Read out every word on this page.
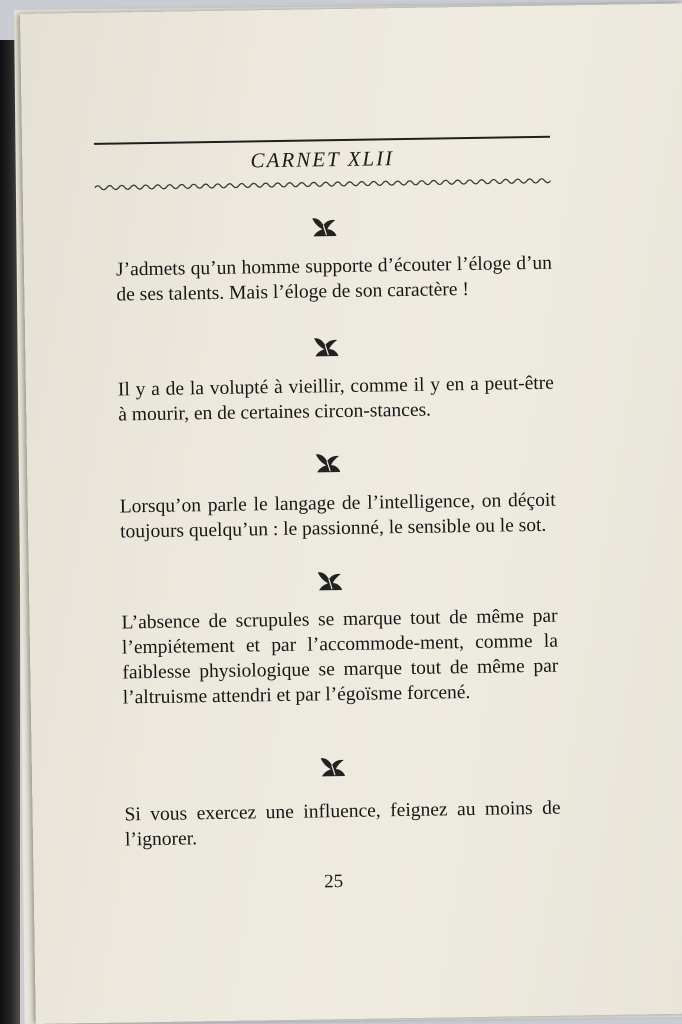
CARNET XLII

J’admets qu’un homme supporte d’écouter l’éloge d’un de ses talents. Mais l’éloge de son caractère !

Il y a de la volupté à vieillir, comme il y en a peut-être à mourir, en de certaines circon-stances.

Lorsqu’on parle le langage de l’intelligence, on déçoit toujours quelqu’un : le passionné, le sensible ou le sot.

L’absence de scrupules se marque tout de même par l’empiétement et par l’accommode-ment, comme la faiblesse physiologique se marque tout de même par l’altruisme attendri et par l’égoïsme forcené.

Si vous exercez une influence, feignez au moins de l’ignorer.

25
